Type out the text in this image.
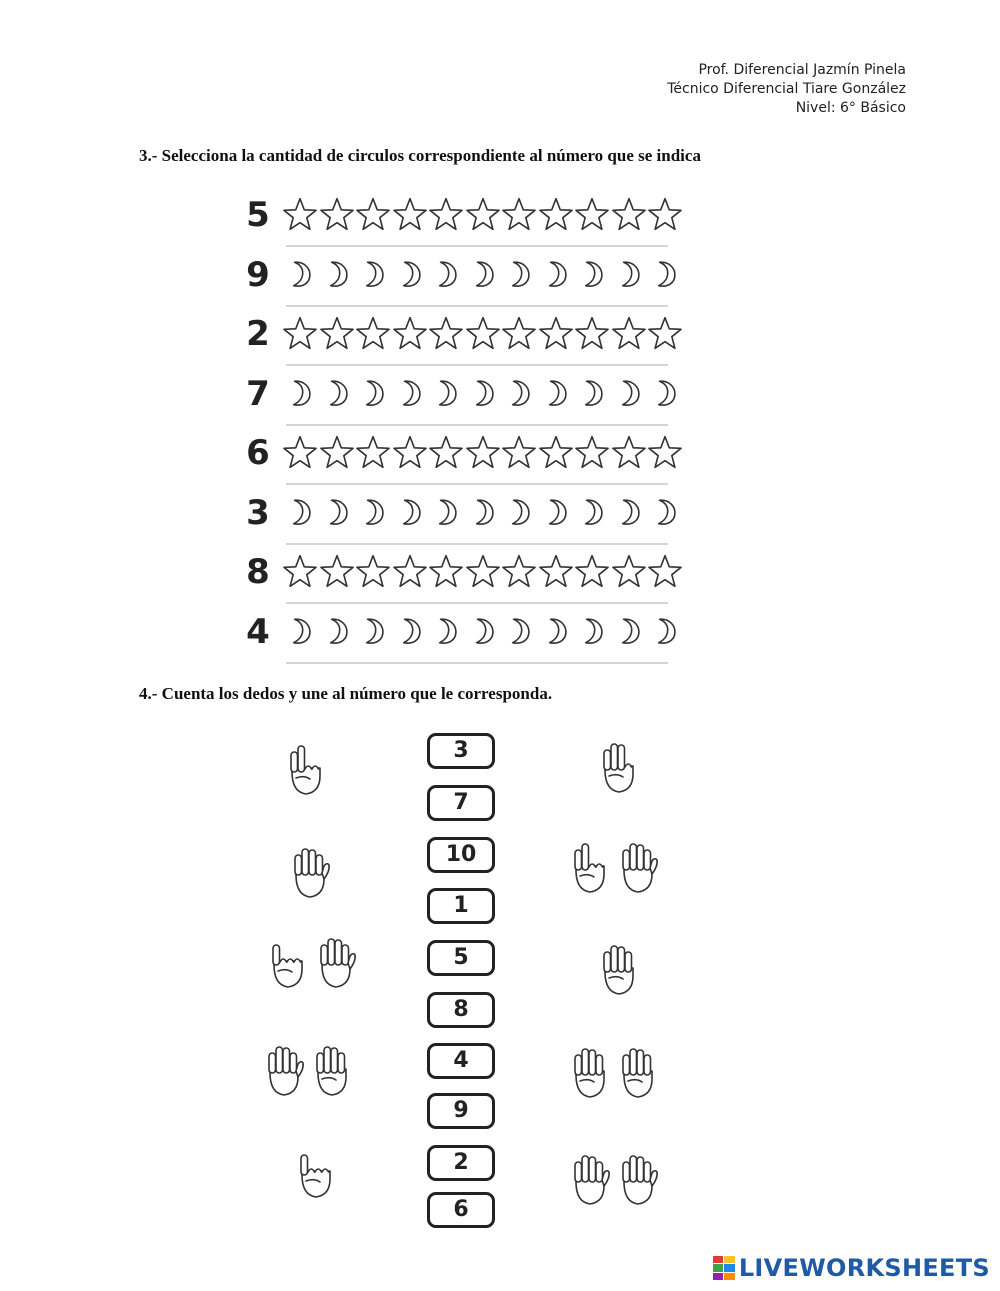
Prof. Diferencial Jazmín Pinela
Técnico Diferencial Tiare González
Nivel: 6° Básico
3.- Selecciona la cantidad de circulos correspondiente al número que se indica
5
9
2
7
6
3
8
4
4.- Cuenta los dedos y une al número que le corresponda.
3
7
10
1
5
8
4
9
2
6
LIVEWORKSHEETS
